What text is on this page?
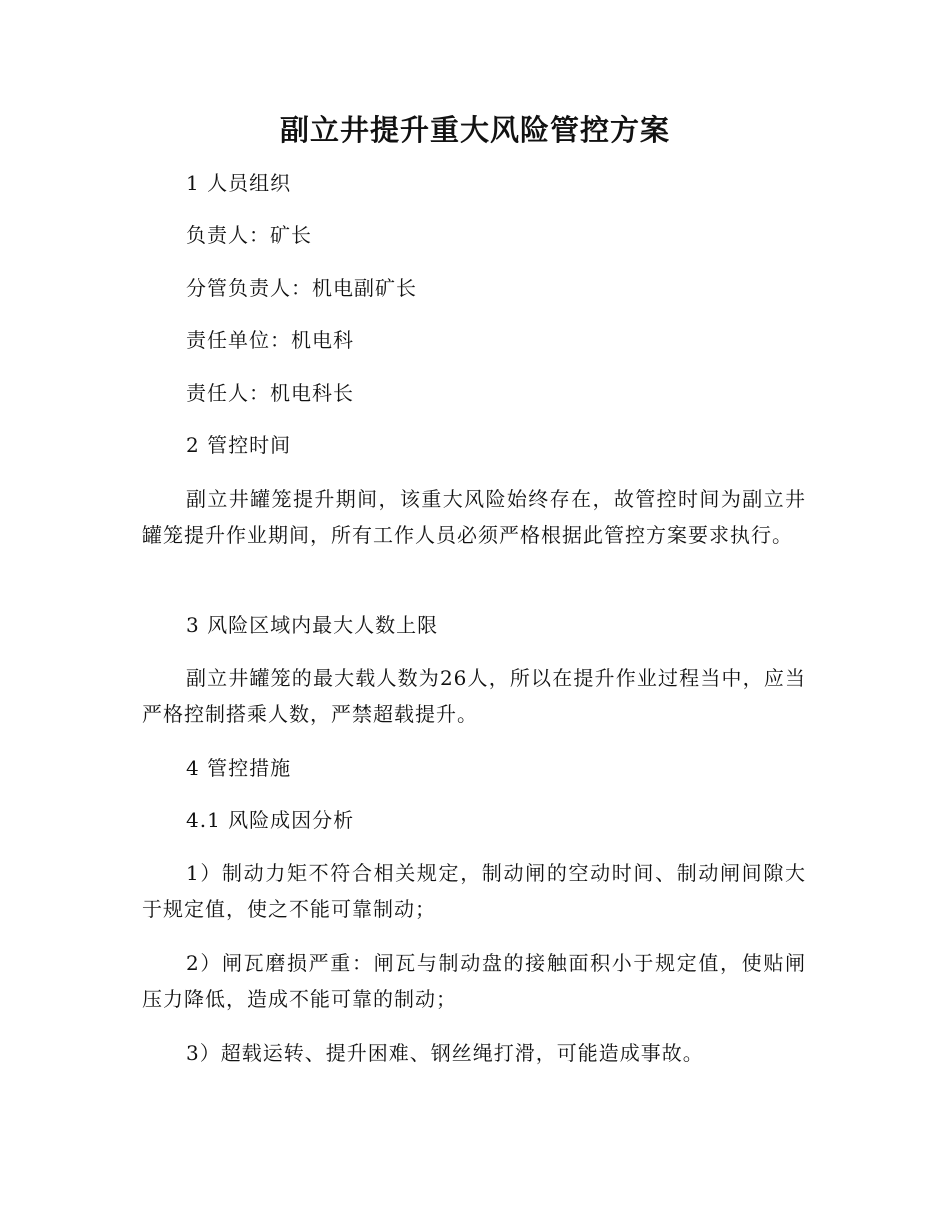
副立井提升重大风险管控方案
1 人员组织
负责人：矿长
分管负责人：机电副矿长
责任单位：机电科
责任人：机电科长
2 管控时间
副立井罐笼提升期间，该重大风险始终存在，故管控时间为副立井罐笼提升作业期间，所有工作人员必须严格根据此管控方案要求执行。
3 风险区域内最大人数上限
副立井罐笼的最大载人数为26人，所以在提升作业过程当中，应当严格控制搭乘人数，严禁超载提升。
4 管控措施
4.1 风险成因分析
1）制动力矩不符合相关规定，制动闸的空动时间、制动闸间隙大于规定值，使之不能可靠制动；
2）闸瓦磨损严重：闸瓦与制动盘的接触面积小于规定值，使贴闸压力降低，造成不能可靠的制动；
3）超载运转、提升困难、钢丝绳打滑，可能造成事故。
